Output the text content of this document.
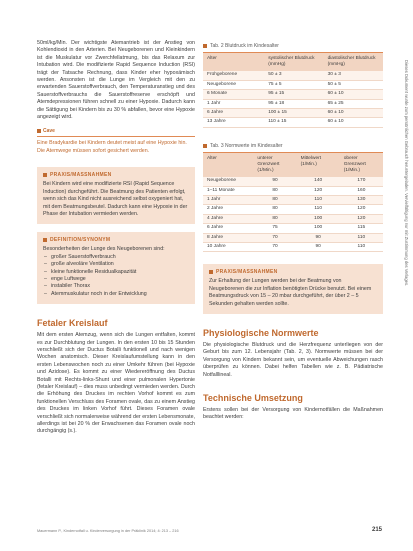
50ml/kg/Min. Der wichtigste Atemantrieb ist der Anstieg von Kohlendioxid in den Arterien. Bei Neugeborenen und Kleinkindern ist die Muskulatur vor Zwerchfellatmung, bis das Relaxum zur Intubation wird. Die modifizierte Rapid Sequence Induction (RSI) trägt der Tatsache Rechnung, dass Kinder eher hypoxämisch werden. Ansonsten ist die Lunge im Vergleich mit den zu erwartenden Sauerstoffverbrauch, den Temperaturanstieg und des Sauerstoffverbrauchs die Sauerstoffreserve erschöpft und Atemdepressionen führen schnell zu einer Hypoxie. Dadurch kann die Sättigung bei Kindern bis zu 30 % abfallen, bevor eine Hypoxie angezeigt wird.

Cave

Eine Bradykardie bei Kindern deutet meist auf eine Hypoxie hin. Die Atemwege müssen sofort gesichert werden.

PRAXIS/MASSNAHMEN

Bei Kindern wird eine modifizierte RSI (Rapid Sequence Induction) durchgeführt. Die Beatmung des Patienten erfolgt, wenn sich das Kind nicht ausreichend selbst oxygeniert hat, mit dem Beatmungsbeutel. Dadurch kann eine Hypoxie in der Phase der Intubation vermieden werden.

DEFINITION/SYNONYM

Besonderheiten der Lunge des Neugeborenen sind:

– großer Sauerstoffverbrauch
– große alveoläre Ventilation
– kleine funktionelle Residualkapazität
– enge Luftwege
– instabiler Thorax
– Atemmuskulatur noch in der Entwicklung
Fetaler Kreislauf

Mit dem ersten Atemzug, wenn sich die Lungen entfalten, kommt es zur Durchblutung der Lungen. In den ersten 10 bis 15 Stunden verschließt sich der Ductus Botalli funktionell und nach wenigen Wochen anatomisch. Dieser Kreislaufumstellung kann in den ersten Lebenswochen noch zu einer Umkehr führen (bei Hypoxie und Azidose). Es kommt zu einer Wiedereröffnung des Ductus Botalli mit Rechts-links-Shunt und einer pulmonalen Hypertonie (fetaler Kreislauf) – dies muss unbedingt vermieden werden. Durch die Erhöhung des Druckes im rechten Vorhof kommt es zum funktionellen Verschluss des Foramen ovale, das zu einem Anstieg des Druckes im linken Vorhof führt. Dieses Foramen ovale verschließt sich normalerweise während der ersten Lebensmonate, allerdings ist bei 20 % der Erwachsenen das Foramen ovale noch durchgängig (s.).

Tab. 2 Blutdruck im Kindesalter
Alter	systolischer Blutdruck (mmHg)	diastolischer Blutdruck (mmHg)
Frühgeborene	50 ± 3	30 ± 3
Neugeborene	75 ± 5	50 ± 5
6 Monate	95 ± 15	60 ± 10
1 Jahr	95 ± 18	65 ± 25
6 Jahre	100 ± 15	60 ± 10
13 Jahre	110 ± 15	60 ± 10
Tab. 3 Normwerte im Kindesalter
Alter	unterer Grenzwert (1/Min.)	Mittelwert (1/Min.)	oberer Grenzwert (1/Min.)
Neugeborene	90	140	170
1–11 Monate	80	120	160
1 Jahr	80	110	130
2 Jahre	80	110	120
4 Jahre	80	100	120
6 Jahre	75	100	115
8 Jahre	70	90	110
10 Jahre	70	90	110
PRAXIS/MASSNAHMEN

Zur Erhaltung der Lungen werden bei der Beatmung von Neugeborenen die zur Inflation benötigten Drücke benutzt. Bei einem Beatmungsdruck von 15 – 20 mbar durchgeführt, der über 2 – 5 Sekunden gehalten werden sollte.

Physiologische Normwerte

Die physiologische Blutdruck und die Herzfrequenz unterliegen von der Geburt bis zum 12. Lebensjahr (Tab. 2, 3). Normwerte müssen bei der Versorgung von Kindern bekannt sein, um eventuelle Abweichungen rasch überprüfen zu können. Dabei helfen Tabellen wie z. B. Pädiatrische Notfalllineal.

Technische Umsetzung

Erstens sollen bei der Versorgung von Kindernotfällen die Maßnahmen beachtet werden:

Mauermann P., Kindernotfall u. Kinderversorgung in der Präklinik 2014; 4: 213 – 216	215
Dieses Dokument wurde zum persönlichen Gebrauch heruntergeladen. Vervielfältigung nur mit Zustimmung des Verlages.
